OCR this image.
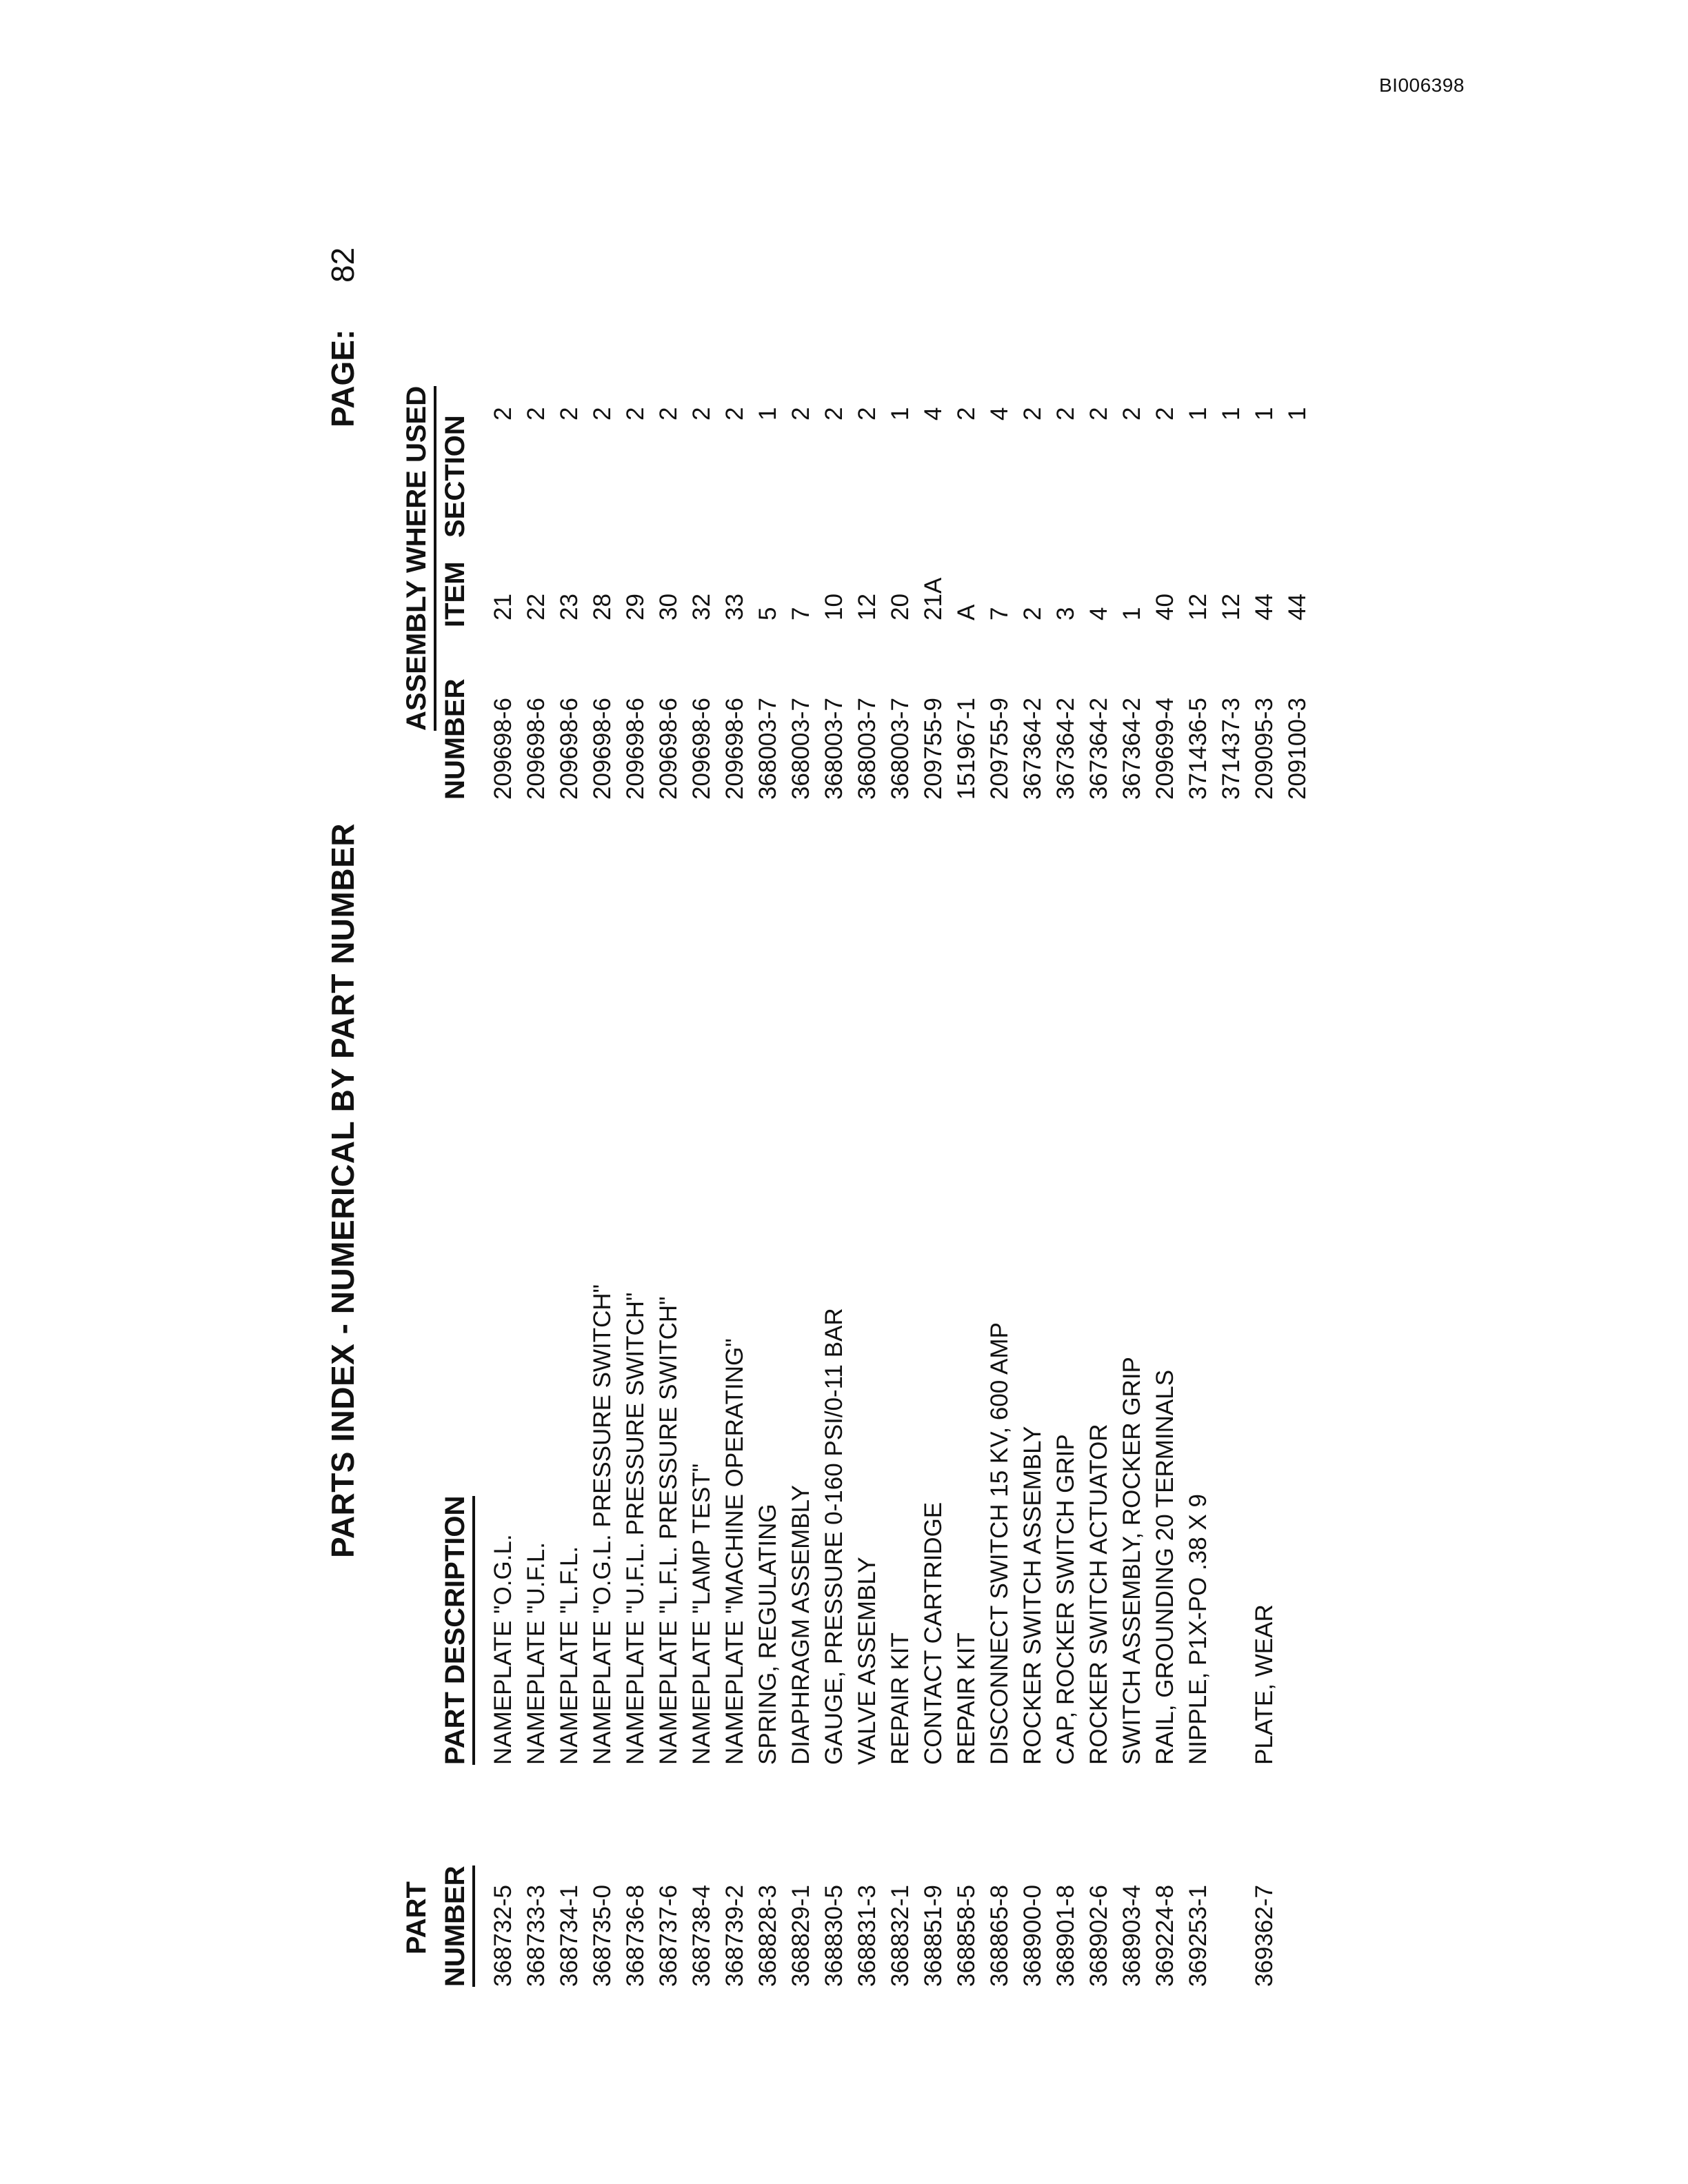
BI006398
PARTS INDEX - NUMERICAL BY PART NUMBER
PAGE:
82
PART NUMBER
PART DESCRIPTION
ASSEMBLY WHERE USED
NUMBER
ITEM
SECTION
368732-5
NAMEPLATE "O.G.L.
209698-6
21
2
368733-3
NAMEPLATE "U.F.L.
209698-6
22
2
368734-1
NAMEPLATE "L.F.L.
209698-6
23
2
368735-0
NAMEPLATE "O.G.L. PRESSURE SWITCH"
209698-6
28
2
368736-8
NAMEPLATE "U.F.L. PRESSURE SWITCH"
209698-6
29
2
368737-6
NAMEPLATE "L.F.L. PRESSURE SWITCH"
209698-6
30
2
368738-4
NAMEPLATE "LAMP TEST"
209698-6
32
2
368739-2
NAMEPLATE "MACHINE OPERATING"
209698-6
33
2
368828-3
SPRING, REGULATING
368003-7
5
1
368829-1
DIAPHRAGM ASSEMBLY
368003-7
7
2
368830-5
GAUGE, PRESSURE 0-160 PSI/0-11 BAR
368003-7
10
2
368831-3
VALVE ASSEMBLY
368003-7
12
2
368832-1
REPAIR KIT
368003-7
20
1
368851-9
CONTACT CARTRIDGE
209755-9
21A
4
368858-5
REPAIR KIT
151967-1
A
2
368865-8
DISCONNECT SWITCH 15 KV, 600 AMP
209755-9
7
4
368900-0
ROCKER SWITCH ASSEMBLY
367364-2
2
2
368901-8
CAP, ROCKER SWITCH GRIP
367364-2
3
2
368902-6
ROCKER SWITCH ACTUATOR
367364-2
4
2
368903-4
SWITCH ASSEMBLY, ROCKER GRIP
367364-2
1
2
369224-8
RAIL, GROUNDING 20 TERMINALS
209699-4
40
2
369253-1
NIPPLE, P1X-PO .38 X 9
371436-5
12
1
371437-3
12
1
369362-7
PLATE, WEAR
209095-3
44
1
209100-3
44
1
